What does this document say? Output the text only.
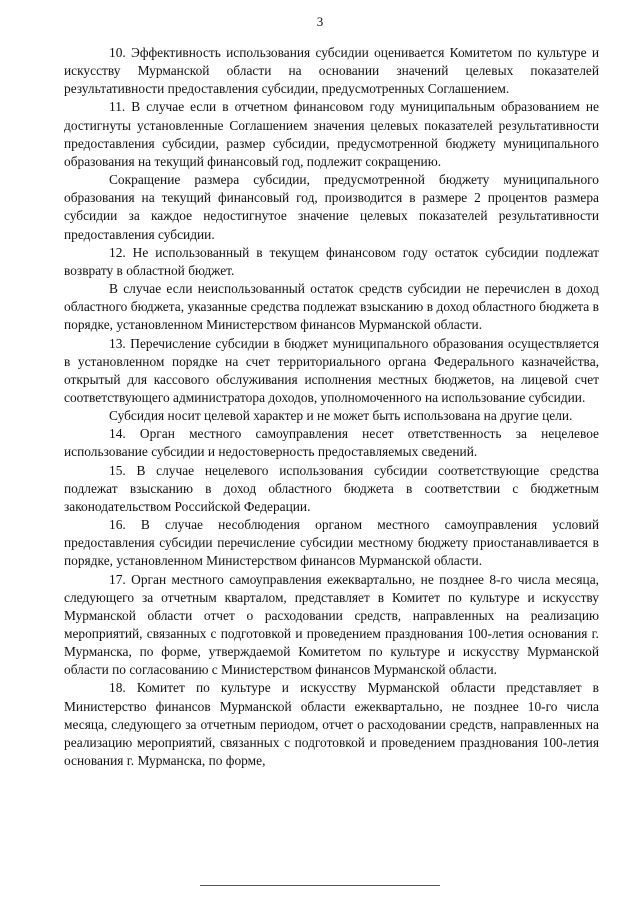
3

10. Эффективность использования субсидии оценивается Комитетом по культуре и искусству Мурманской области на основании значений целевых показателей результативности предоставления субсидии, предусмотренных Соглашением.

11. В случае если в отчетном финансовом году муниципальным образованием не достигнуты установленные Соглашением значения целевых показателей результативности предоставления субсидии, размер субсидии, предусмотренной бюджету муниципального образования на текущий финансовый год, подлежит сокращению.

Сокращение размера субсидии, предусмотренной бюджету муниципального образования на текущий финансовый год, производится в размере 2 процентов размера субсидии за каждое недостигнутое значение целевых показателей результативности предоставления субсидии.

12. Не использованный в текущем финансовом году остаток субсидии подлежат возврату в областной бюджет.

В случае если неиспользованный остаток средств субсидии не перечислен в доход областного бюджета, указанные средства подлежат взысканию в доход областного бюджета в порядке, установленном Министерством финансов Мурманской области.

13. Перечисление субсидии в бюджет муниципального образования осуществляется в установленном порядке на счет территориального органа Федерального казначейства, открытый для кассового обслуживания исполнения местных бюджетов, на лицевой счет соответствующего администратора доходов, уполномоченного на использование субсидии.

Субсидия носит целевой характер и не может быть использована на другие цели.

14. Орган местного самоуправления несет ответственность за нецелевое использование субсидии и недостоверность предоставляемых сведений.

15. В случае нецелевого использования субсидии соответствующие средства подлежат взысканию в доход областного бюджета в соответствии с бюджетным законодательством Российской Федерации.

16. В случае несоблюдения органом местного самоуправления условий предоставления субсидии перечисление субсидии местному бюджету приостанавливается в порядке, установленном Министерством финансов Мурманской области.

17. Орган местного самоуправления ежеквартально, не позднее 8-го числа месяца, следующего за отчетным кварталом, представляет в Комитет по культуре и искусству Мурманской области отчет о расходовании средств, направленных на реализацию мероприятий, связанных с подготовкой и проведением празднования 100-летия основания г. Мурманска, по форме, утверждаемой Комитетом по культуре и искусству Мурманской области по согласованию с Министерством финансов Мурманской области.

18. Комитет по культуре и искусству Мурманской области представляет в Министерство финансов Мурманской области ежеквартально, не позднее 10-го числа месяца, следующего за отчетным периодом, отчет о расходовании средств, направленных на реализацию мероприятий, связанных с подготовкой и проведением празднования 100-летия основания г. Мурманска, по форме,
